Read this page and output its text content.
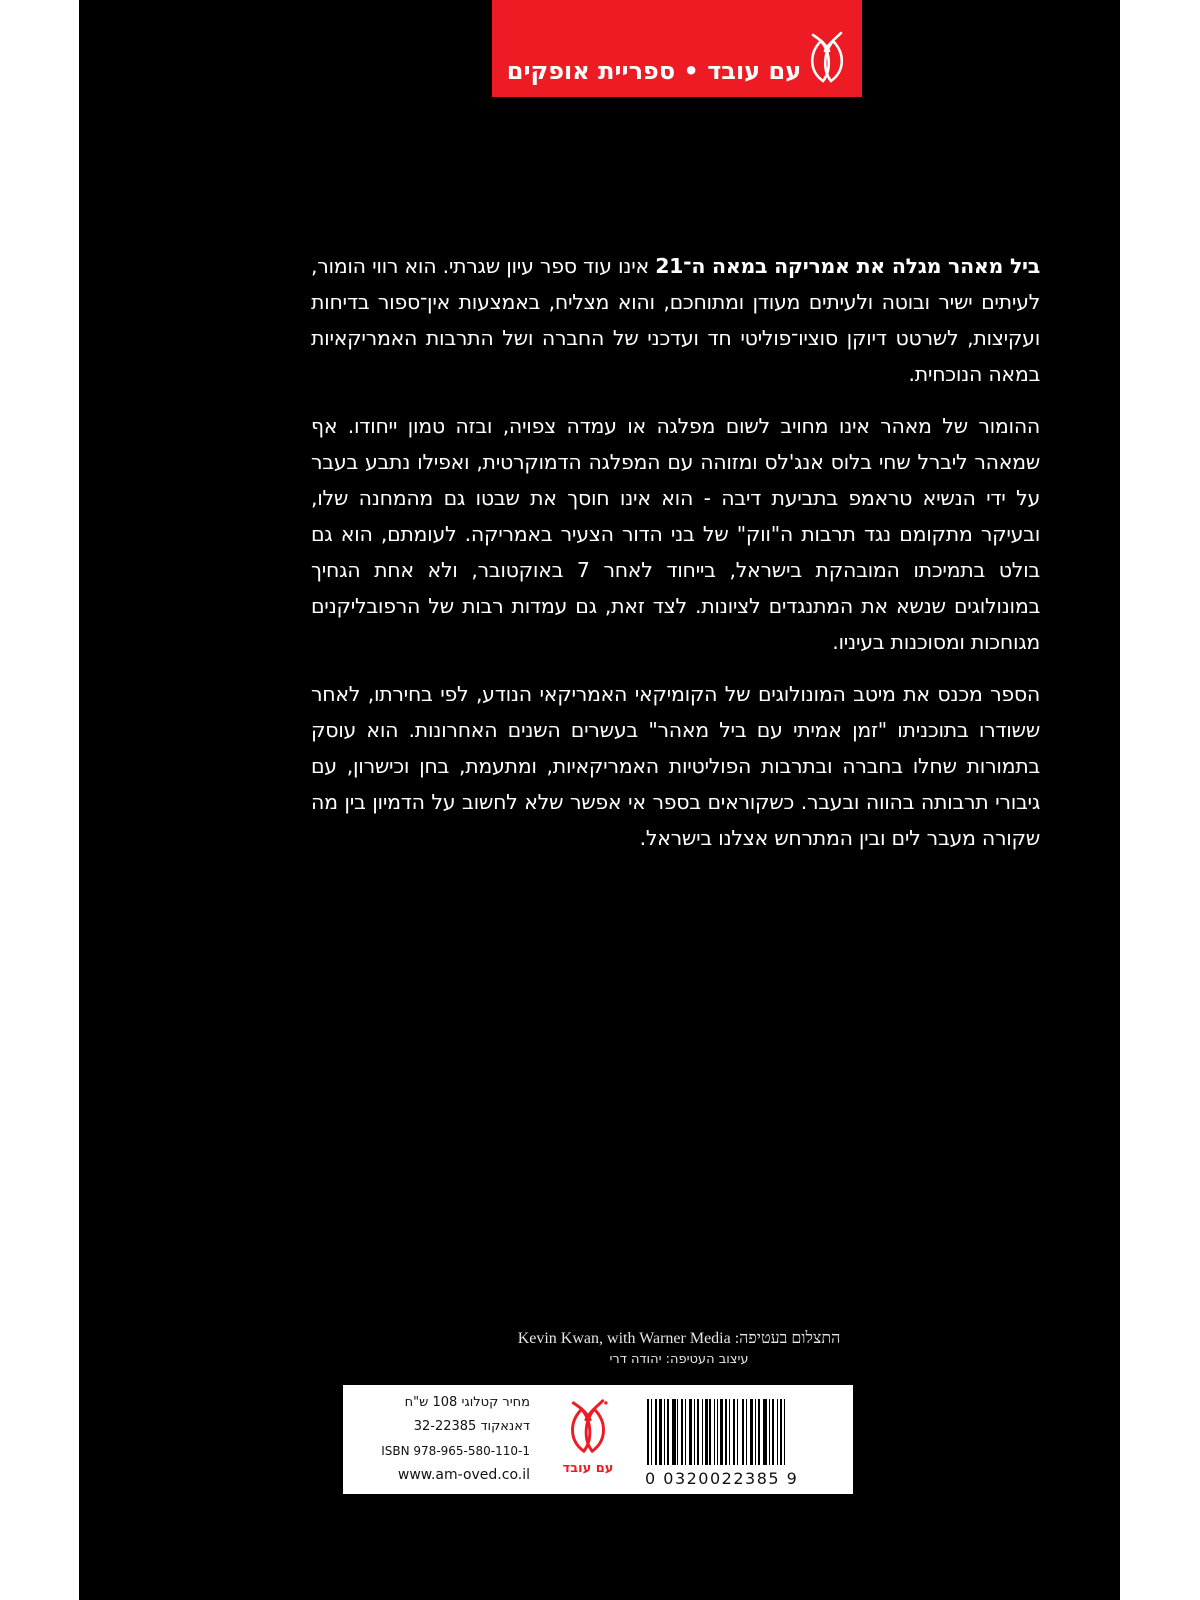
עם עובד • ספריית אופקים

ביל מאהר מגלה את אמריקה במאה ה־21 אינו עוד ספר עיון שגרתי. הוא רווי הומור, לעיתים ישיר ובוטה ולעיתים מעודן ומתוחכם, והוא מצליח, באמצעות אין־ספור בדיחות ועקיצות, לשרטט דיוקן סוציו־פוליטי חד ועדכני של החברה ושל התרבות האמריקאיות במאה הנוכחית.

ההומור של מאהר אינו מחויב לשום מפלגה או עמדה צפויה, ובזה טמון ייחודו. אף שמאהר ליברל שחי בלוס אנג'לס ומזוהה עם המפלגה הדמוקרטית, ואפילו נתבע בעבר על ידי הנשיא טראמפ בתביעת דיבה - הוא אינו חוסך את שבטו גם מהמחנה שלו, ובעיקר מתקומם נגד תרבות ה"ווק" של בני הדור הצעיר באמריקה. לעומתם, הוא גם בולט בתמיכתו המובהקת בישראל, בייחוד לאחר 7 באוקטובר, ולא אחת הגחיך במונולוגים שנשא את המתנגדים לציונות. לצד זאת, גם עמדות רבות של הרפובליקנים מגוחכות ומסוכנות בעיניו.

הספר מכנס את מיטב המונולוגים של הקומיקאי האמריקאי הנודע, לפי בחירתו, לאחר ששודרו בתוכניתו "זמן אמיתי עם ביל מאהר" בעשרים השנים האחרונות. הוא עוסק בתמורות שחלו בחברה ובתרבות הפוליטיות האמריקאיות, ומתעמת, בחן וכישרון, עם גיבורי תרבותה בהווה ובעבר. כשקוראים בספר אי אפשר שלא לחשוב על הדמיון בין מה שקורה מעבר לים ובין המתרחש אצלנו בישראל.

התצלום בעטיפה: Kevin Kwan, with Warner Media
עיצוב העטיפה: יהודה דרי
מחיר קטלוגי 108 ש"ח
דאנאקוד 32-22385
ISBN 978-965-580-110-1
www.am-oved.co.il	עם עובד
0 0320022385 9
